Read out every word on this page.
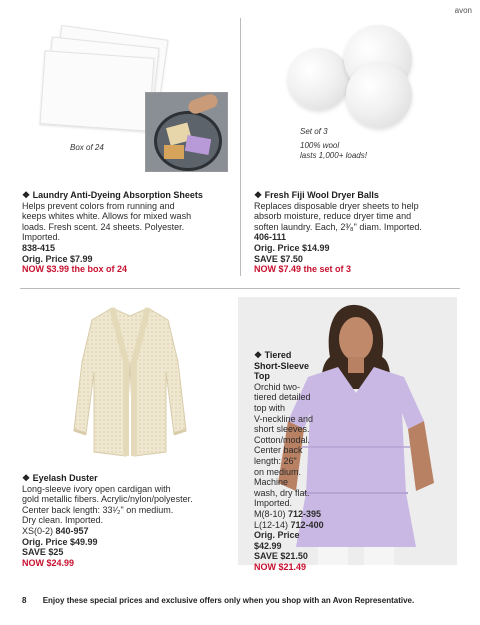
avon
Box of 24
Set of 3
100% wool
lasts 1,000+ loads!
❖ Laundry Anti-Dyeing Absorption Sheets
Helps prevent colors from running and
keeps whites white. Allows for mixed wash
loads. Fresh scent. 24 sheets. Polyester.
Imported.
838-415
Orig. Price $7.99
NOW $3.99 the box of 24
❖ Fresh Fiji Wool Dryer Balls
Replaces disposable dryer sheets to help
absorb moisture, reduce dryer time and
soften laundry. Each, 2³⁄₈" diam. Imported.
406-111
Orig. Price $14.99
SAVE $7.50
NOW $7.49 the set of 3
❖ Eyelash Duster
Long-sleeve ivory open cardigan with
gold metallic fibers. Acrylic/nylon/polyester.
Center back length: 33¹⁄₂" on medium.
Dry clean. Imported.
XS(0-2) 840-957
Orig. Price $49.99
SAVE $25
NOW $24.99
❖ Tiered
Short-Sleeve
Top
Orchid two-
tiered detailed
top with
V-neckline and
short sleeves.
Cotton/modal.
Center back
length: 26"
on medium.
Machine
wash, dry flat.
Imported.
M(8-10) 712-395
L(12-14) 712-400
Orig. Price
$42.99
SAVE $21.50
NOW $21.49
8 Enjoy these special prices and exclusive offers only when you shop with an Avon Representative.
